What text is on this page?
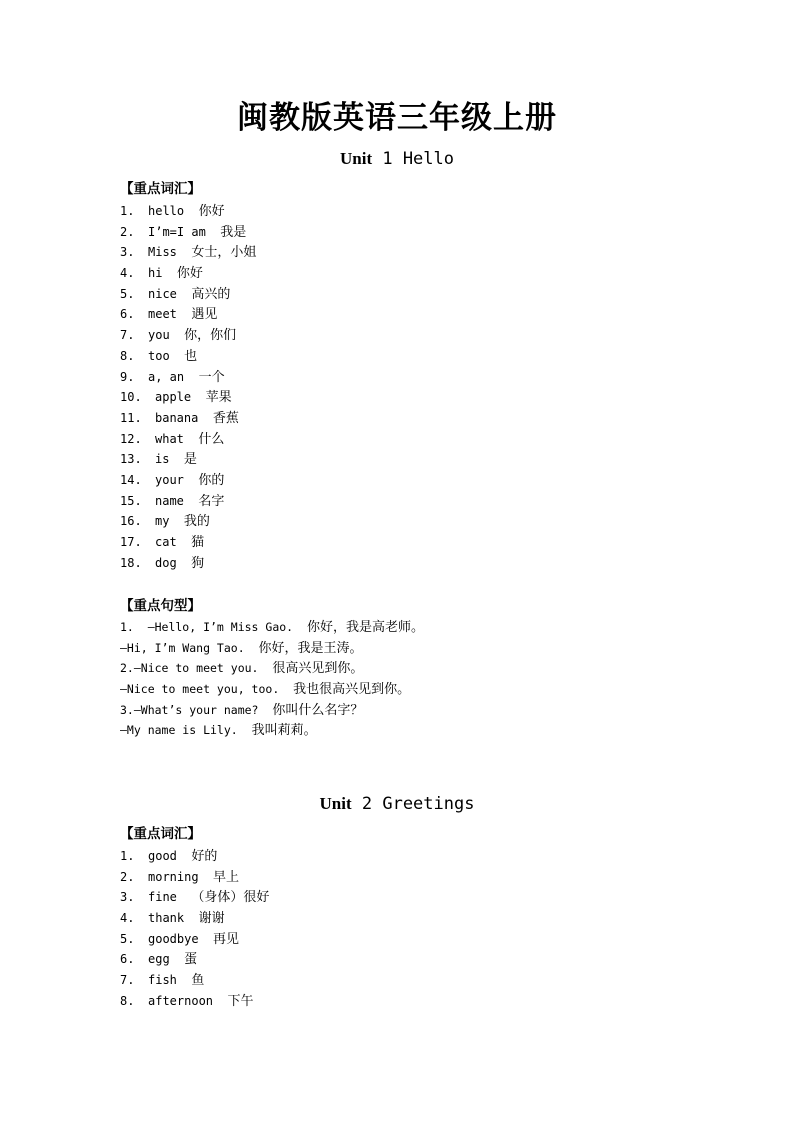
闽教版英语三年级上册
Unit 1 Hello
【重点词汇】
1. hello 你好
2. I’m=I am 我是
3. Miss 女士，小姐
4. hi 你好
5. nice 高兴的
6. meet 遇见
7. you 你，你们
8. too 也
9. a, an 一个
10. apple 苹果
11. banana 香蕉
12. what 什么
13. is 是
14. your 你的
15. name 名字
16. my 我的
17. cat 猫
18. dog 狗
【重点句型】
1.  —Hello, I’m Miss Gao.  你好，我是高老师。
—Hi, I’m Wang Tao.  你好，我是王涛。
2.—Nice to meet you.  很高兴见到你。
—Nice to meet you, too.  我也很高兴见到你。
3.—What’s your name?  你叫什么名字？
—My name is Lily.  我叫莉莉。
Unit 2 Greetings
【重点词汇】
1. good 好的
2. morning 早上
3. fine （身体）很好
4. thank 谢谢
5. goodbye 再见
6. egg 蛋
7. fish 鱼
8. afternoon 下午
